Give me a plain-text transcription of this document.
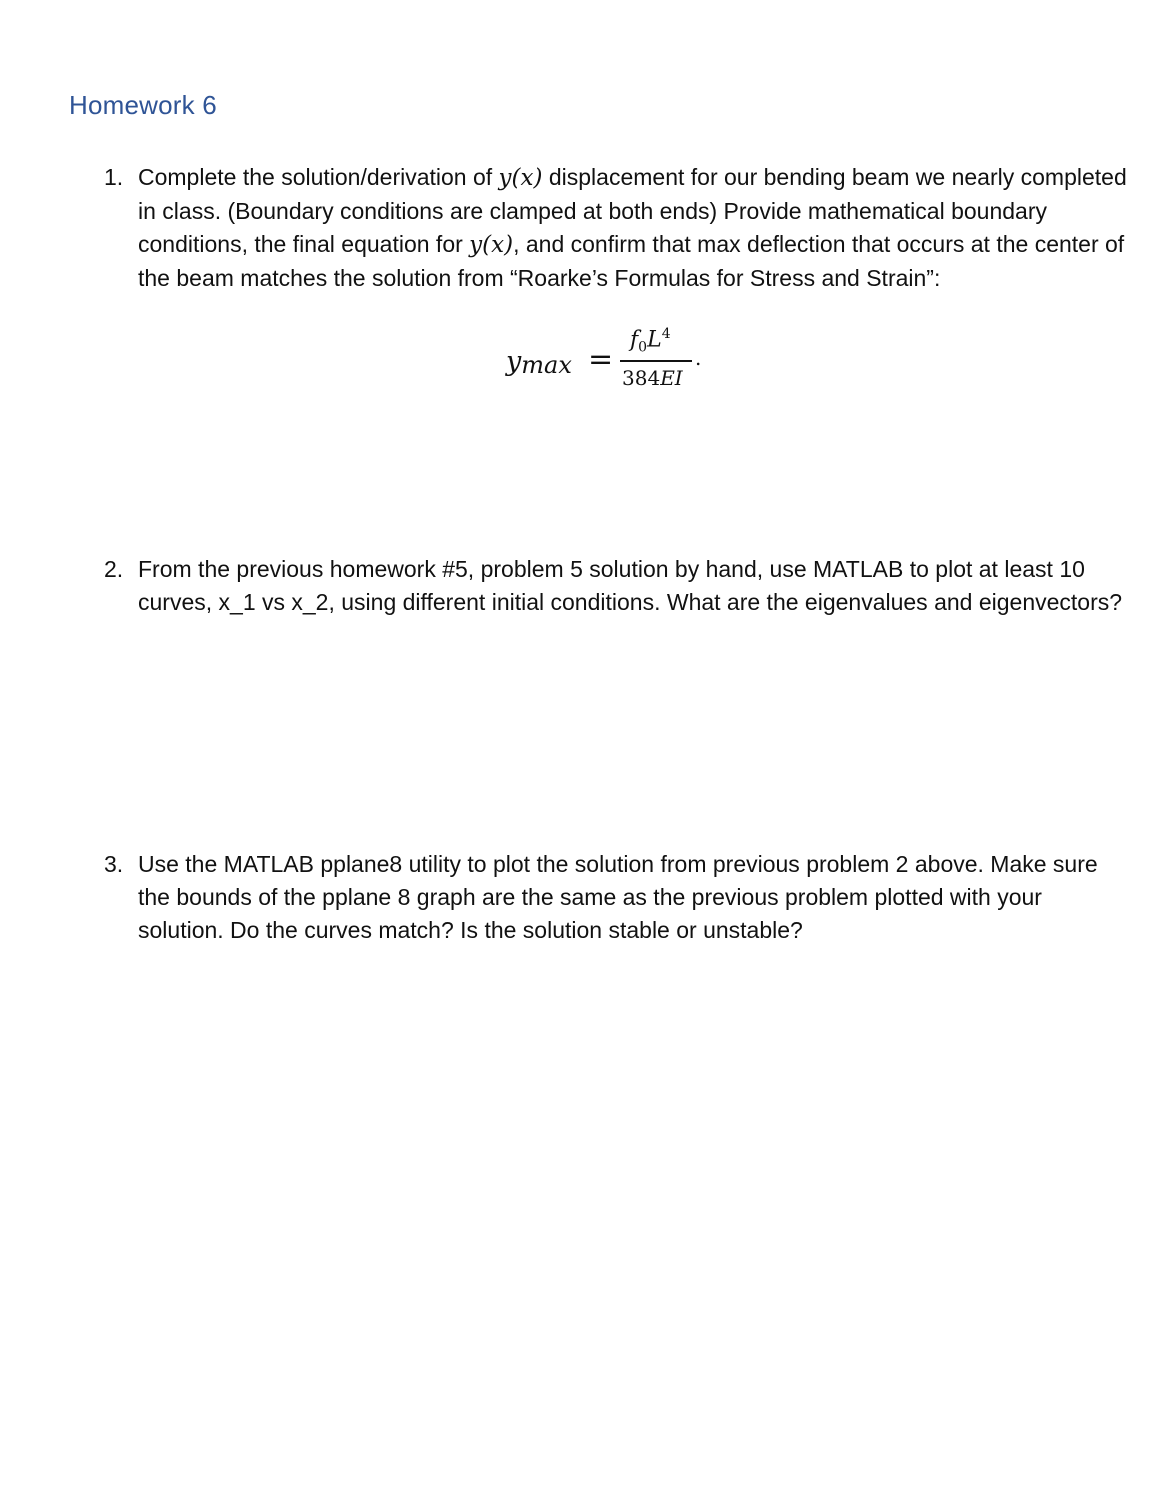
Homework 6
1. Complete the solution/derivation of y(x) displacement for our bending beam we nearly completed in class. (Boundary conditions are clamped at both ends) Provide mathematical boundary conditions, the final equation for y(x), and confirm that max deflection that occurs at the center of the beam matches the solution from “Roarke’s Formulas for Stress and Strain”:
ymax =
$f_0L^4$
384EI
.
2. From the previous homework #5, problem 5 solution by hand, use MATLAB to plot at least 10 curves, x_1 vs x_2, using different initial conditions. What are the eigenvalues and eigenvectors?
3. Use the MATLAB pplane8 utility to plot the solution from previous problem 2 above. Make sure the bounds of the pplane 8 graph are the same as the previous problem plotted with your solution. Do the curves match? Is the solution stable or unstable?
